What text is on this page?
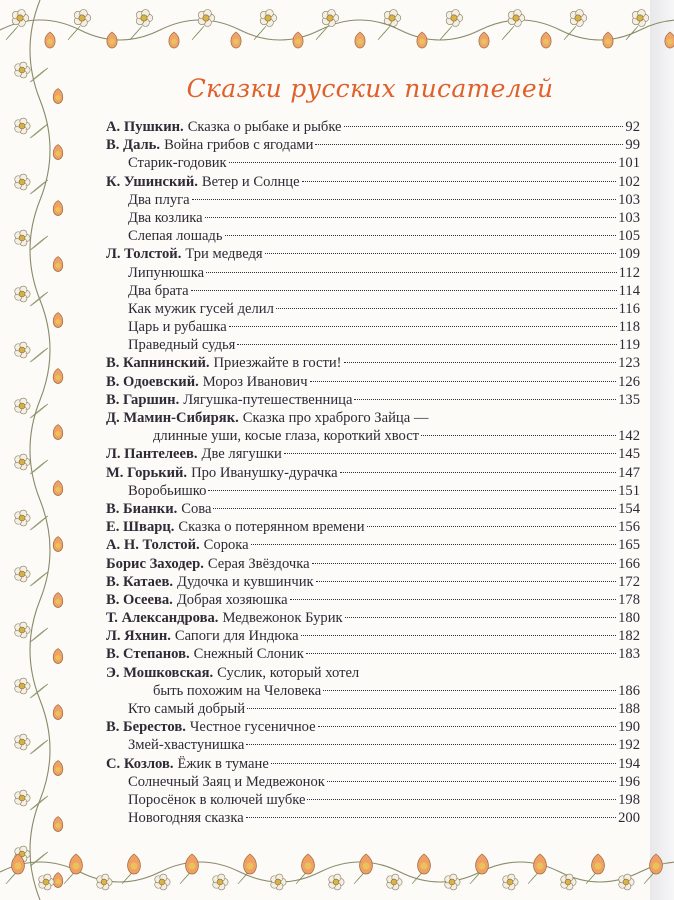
Сказки русских писателей
А. Пушкин. Сказка о рыбаке и рыбке	92
В. Даль. Война грибов с ягодами	99
Старик-годовик	101
К. Ушинский. Ветер и Солнце	102
Два плуга	103
Два козлика	103
Слепая лошадь	105
Л. Толстой. Три медведя	109
Липунюшка	112
Два брата	114
Как мужик гусей делил	116
Царь и рубашка	118
Праведный судья	119
В. Капнинский. Приезжайте в гости!	123
В. Одоевский. Мороз Иванович	126
В. Гаршин. Лягушка-путешественница	135
Д. Мамин-Сибиряк. Сказка про храброго Зайца —
длинные уши, косые глаза, короткий хвост	142
Л. Пантелеев. Две лягушки	145
М. Горький. Про Иванушку-дурачка	147
Воробьишко	151
В. Бианки. Сова	154
Е. Шварц. Сказка о потерянном времени	156
А. Н. Толстой. Сорока	165
Борис Заходер. Серая Звёздочка	166
В. Катаев. Дудочка и кувшинчик	172
В. Осеева. Добрая хозяюшка	178
Т. Александрова. Медвежонок Бурик	180
Л. Яхнин. Сапоги для Индюка	182
В. Степанов. Снежный Слоник	183
Э. Мошковская. Суслик, который хотел
быть похожим на Человека	186
Кто самый добрый	188
В. Берестов. Честное гусеничное	190
Змей-хвастунишка	192
С. Козлов. Ёжик в тумане	194
Солнечный Заяц и Медвежонок	196
Поросёнок в колючей шубке	198
Новогодняя сказка	200
